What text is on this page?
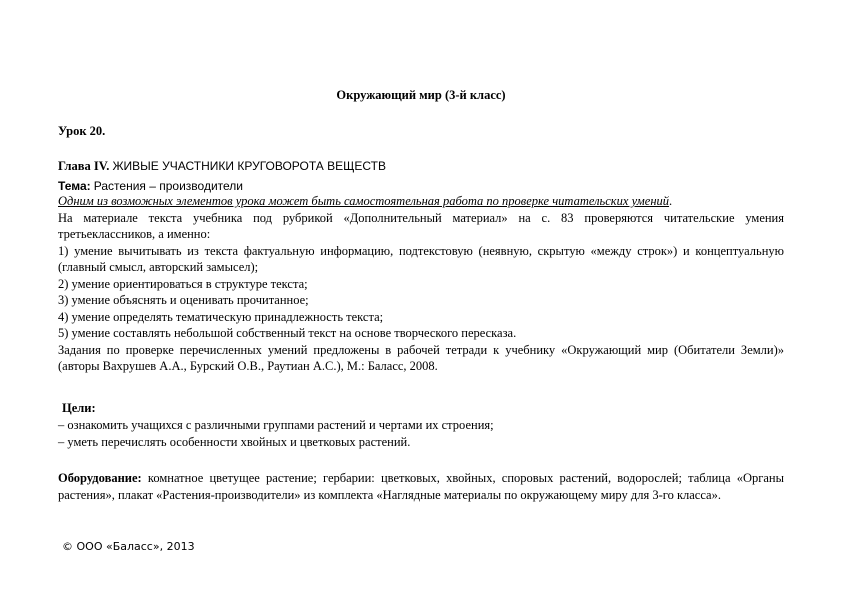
Окружающий мир (3-й класс)
Урок 20.
Глава IV. ЖИВЫЕ УЧАСТНИКИ КРУГОВОРОТА ВЕЩЕСТВ
Тема: Растения – производители
Одним из возможных элементов урока может быть самостоятельная работа по проверке читательских умений.
На материале текста учебника под рубрикой «Дополнительный материал» на с. 83 проверяются читательские умения третьеклассников, а именно:
1) умение вычитывать из текста фактуальную информацию, подтекстовую (неявную, скрытую «между строк») и концептуальную (главный смысл, авторский замысел);
2) умение ориентироваться в структуре текста;
3) умение объяснять и оценивать прочитанное;
4) умение определять тематическую принадлежность текста;
5) умение составлять небольшой собственный текст на основе творческого пересказа.
Задания по проверке перечисленных умений предложены в рабочей тетради к учебнику «Окружающий мир (Обитатели Земли)» (авторы Вахрушев А.А., Бурский О.В., Раутиан А.С.), М.: Баласс, 2008.
Цели:
– ознакомить учащихся с различными группами растений и чертами их строения;
– уметь перечислять особенности хвойных и цветковых растений.
Оборудование: комнатное цветущее растение; гербарии: цветковых, хвойных, споровых растений, водорослей; таблица «Органы растения», плакат «Растения-производители» из комплекта «Наглядные материалы по окружающему миру для 3-го класса».
© ООО «Баласс», 2013
